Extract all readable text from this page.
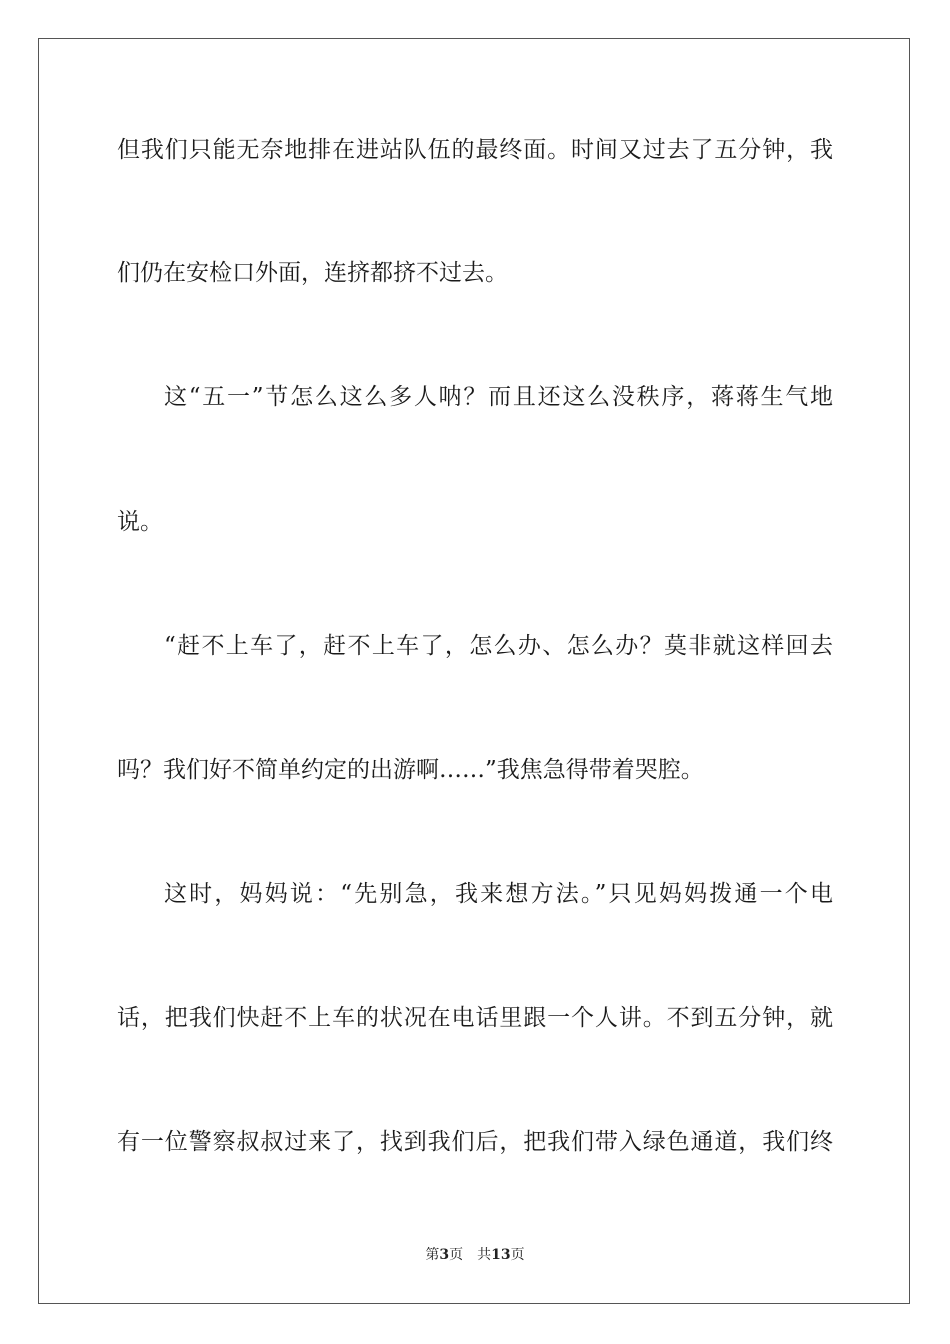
但我们只能无奈地排在进站队伍的最终面。时间又过去了五分钟，我
们仍在安检口外面，连挤都挤不过去。
这“五一”节怎么这么多人呐？而且还这么没秩序，蒋蒋生气地
说。
“赶不上车了，赶不上车了，怎么办、怎么办？莫非就这样回去
吗？我们好不简单约定的出游啊……”我焦急得带着哭腔。
这时，妈妈说：“先别急，我来想方法。”只见妈妈拨通一个电
话，把我们快赶不上车的状况在电话里跟一个人讲。不到五分钟，就
有一位警察叔叔过来了，找到我们后，把我们带入绿色通道，我们终
第3页 共13页
